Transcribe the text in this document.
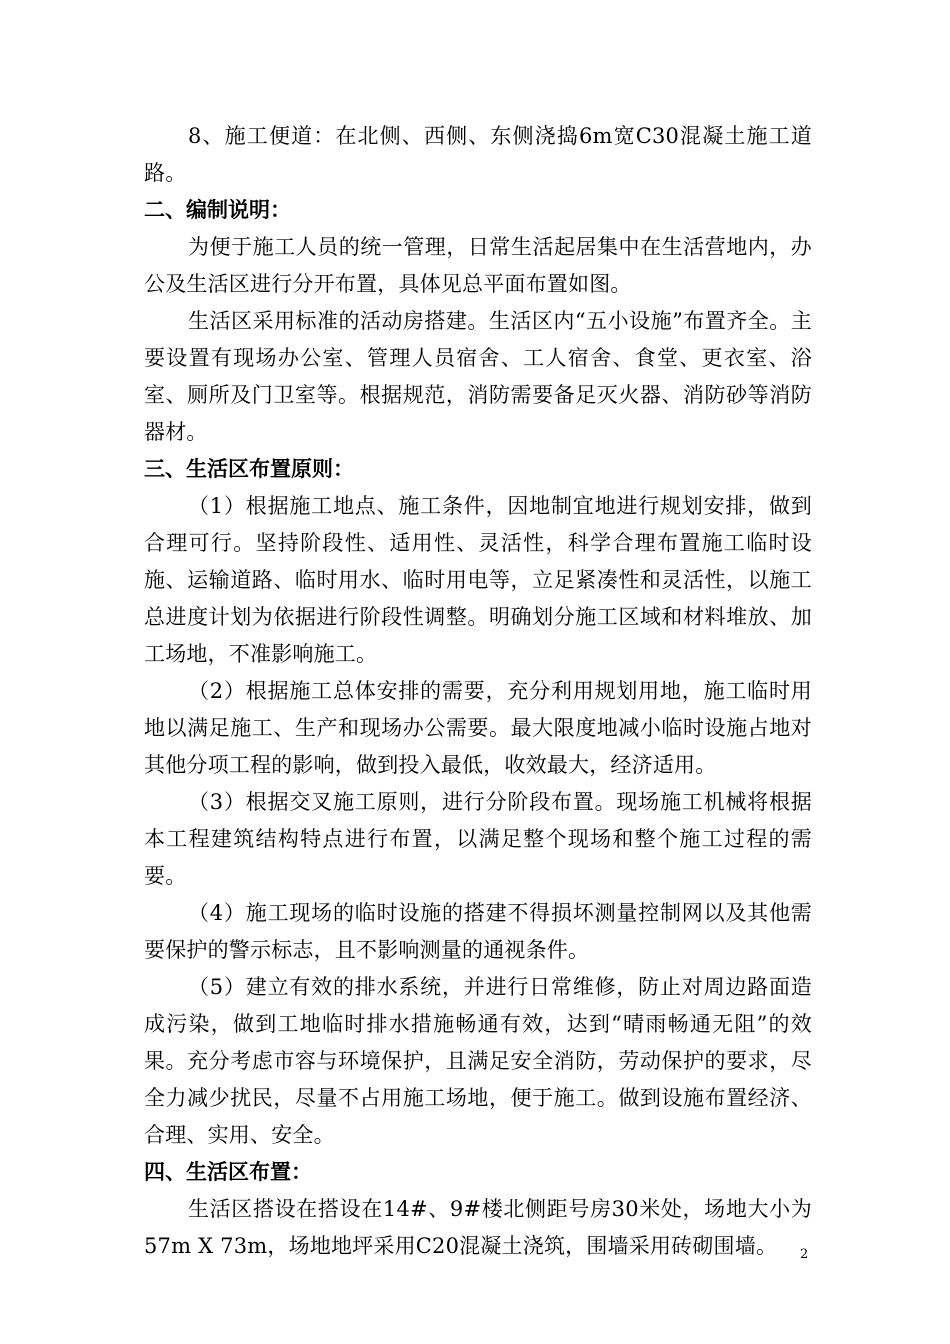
8、施工便道：在北侧、西侧、东侧浇捣6m宽C30混凝土施工道路。

二、编制说明：

为便于施工人员的统一管理，日常生活起居集中在生活营地内，办公及生活区进行分开布置，具体见总平面布置如图。

生活区采用标准的活动房搭建。生活区内“五小设施”布置齐全。主要设置有现场办公室、管理人员宿舍、工人宿舍、食堂、更衣室、浴室、厕所及门卫室等。根据规范，消防需要备足灭火器、消防砂等消防器材。

三、生活区布置原则：

（1）根据施工地点、施工条件，因地制宜地进行规划安排，做到合理可行。坚持阶段性、适用性、灵活性，科学合理布置施工临时设施、运输道路、临时用水、临时用电等，立足紧凑性和灵活性，以施工总进度计划为依据进行阶段性调整。明确划分施工区域和材料堆放、加工场地，不准影响施工。

（2）根据施工总体安排的需要，充分利用规划用地，施工临时用地以满足施工、生产和现场办公需要。最大限度地减小临时设施占地对其他分项工程的影响，做到投入最低，收效最大，经济适用。

（3）根据交叉施工原则，进行分阶段布置。现场施工机械将根据本工程建筑结构特点进行布置，以满足整个现场和整个施工过程的需要。

（4）施工现场的临时设施的搭建不得损坏测量控制网以及其他需要保护的警示标志，且不影响测量的通视条件。

（5）建立有效的排水系统，并进行日常维修，防止对周边路面造成污染，做到工地临时排水措施畅通有效，达到“晴雨畅通无阻”的效果。充分考虑市容与环境保护，且满足安全消防，劳动保护的要求，尽全力减少扰民，尽量不占用施工场地，便于施工。做到设施布置经济、合理、实用、安全。

四、生活区布置：

生活区搭设在搭设在14#、9#楼北侧距号房30米处，场地大小为57m X 73m，场地地坪采用C20混凝土浇筑，围墙采用砖砌围墙。	2
